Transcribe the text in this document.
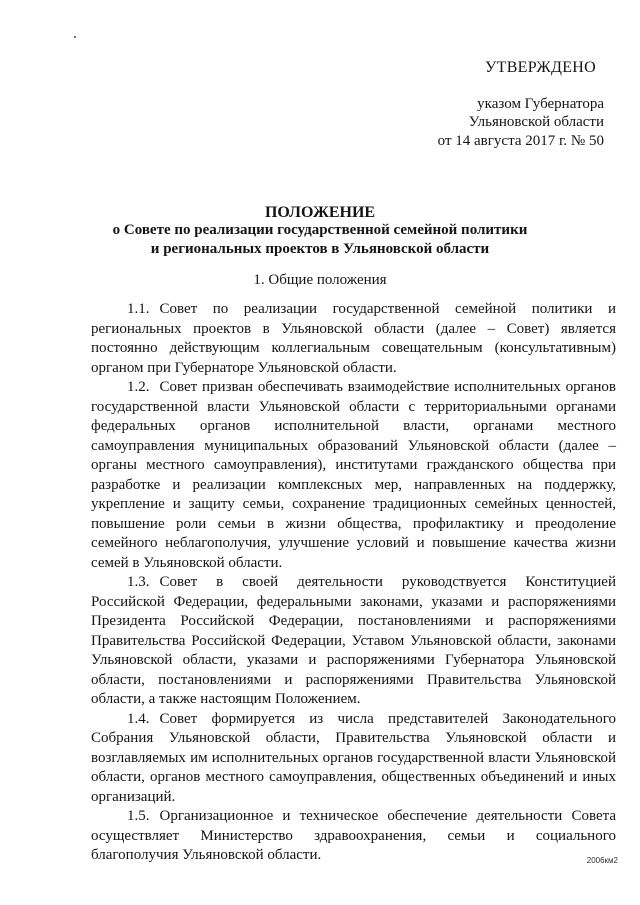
УТВЕРЖДЕНО
указом Губернатора
Ульяновской области
от 14 августа 2017 г. № 50
ПОЛОЖЕНИЕ
о Совете по реализации государственной семейной политики
и региональных проектов в Ульяновской области
1. Общие положения

1.1. Совет по реализации государственной семейной политики и региональных проектов в Ульяновской области (далее – Совет) является постоянно действующим коллегиальным совещательным (консультативным) органом при Губернаторе Ульяновской области.

1.2. Совет призван обеспечивать взаимодействие исполнительных органов государственной власти Ульяновской области с территориальными органами федеральных органов исполнительной власти, органами местного самоуправления муниципальных образований Ульяновской области (далее – органы местного самоуправления), институтами гражданского общества при разработке и реализации комплексных мер, направленных на поддержку, укрепление и защиту семьи, сохранение традиционных семейных ценностей, повышение роли семьи в жизни общества, профилактику и преодоление семейного неблагополучия, улучшение условий и повышение качества жизни семей в Ульяновской области.

1.3. Совет в своей деятельности руководствуется Конституцией Российской Федерации, федеральными законами, указами и распоряжениями Президента Российской Федерации, постановлениями и распоряжениями Правительства Российской Федерации, Уставом Ульяновской области, законами Ульяновской области, указами и распоряжениями Губернатора Ульяновской области, постановлениями и распоряжениями Правительства Ульяновской области, а также настоящим Положением.

1.4. Совет формируется из числа представителей Законодательного Собрания Ульяновской области, Правительства Ульяновской области и возглавляемых им исполнительных органов государственной власти Ульяновской области, органов местного самоуправления, общественных объединений и иных организаций.

1.5. Организационное и техническое обеспечение деятельности Совета осуществляет Министерство здравоохранения, семьи и социального благополучия Ульяновской области.	2006км2
